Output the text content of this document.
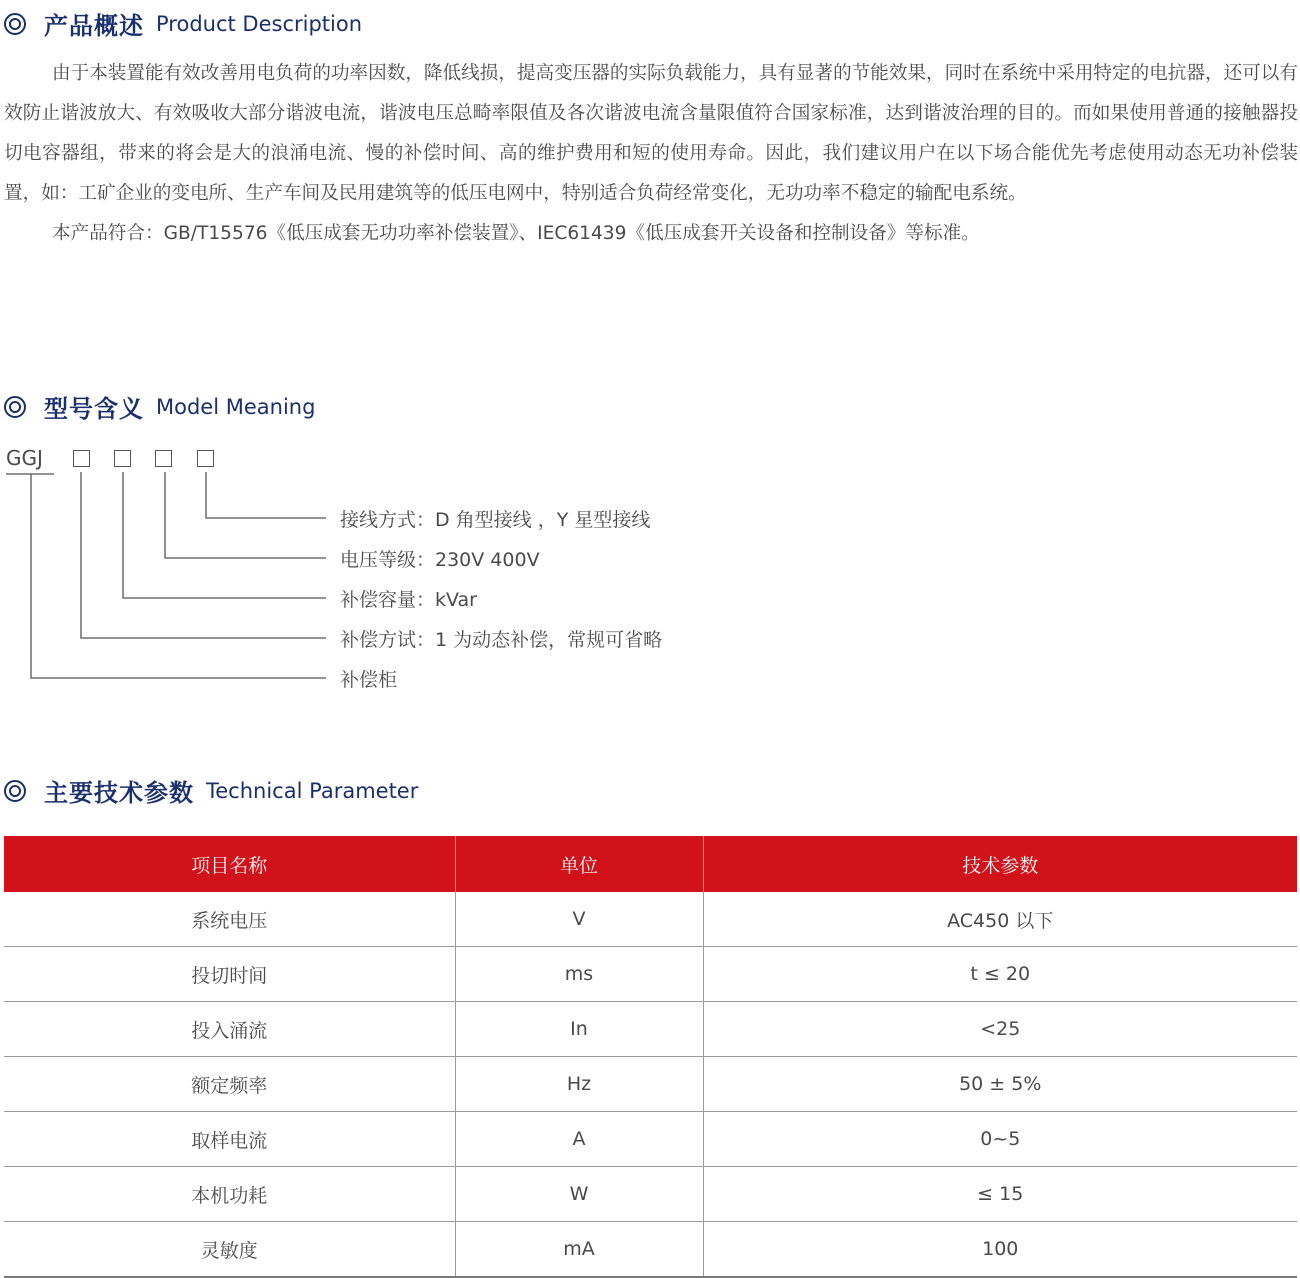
产品概述 Product Description

由于本装置能有效改善用电负荷的功率因数，降低线损，提高变压器的实际负载能力，具有显著的节能效果，同时在系统中采用特定的电抗器，还可以有效防止谐波放大、有效吸收大部分谐波电流，谐波电压总畸率限值及各次谐波电流含量限值符合国家标准，达到谐波治理的目的。而如果使用普通的接触器投切电容器组，带来的将会是大的浪涌电流、慢的补偿时间、高的维护费用和短的使用寿命。因此，我们建议用户在以下场合能优先考虑使用动态无功补偿装置，如：工矿企业的变电所、生产车间及民用建筑等的低压电网中，特别适合负荷经常变化，无功功率不稳定的输配电系统。

本产品符合：GB/T15576《低压成套无功功率补偿装置》、IEC61439《低压成套开关设备和控制设备》等标准。

型号含义 Model Meaning
GGJ
接线方式：D 角型接线 ，Y 星型接线
电压等级：230V 400V
补偿容量：kVar
补偿方试：1 为动态补偿，常规可省略
补偿柜
主要技术参数 Technical Parameter
项目名称	单位	技术参数
系统电压	V	AC450 以下
投切时间	ms	t ≤ 20
投入涌流	In	<25
额定频率	Hz	50 ± 5%
取样电流	A	0~5
本机功耗	W	≤ 15
灵敏度	mA	100
